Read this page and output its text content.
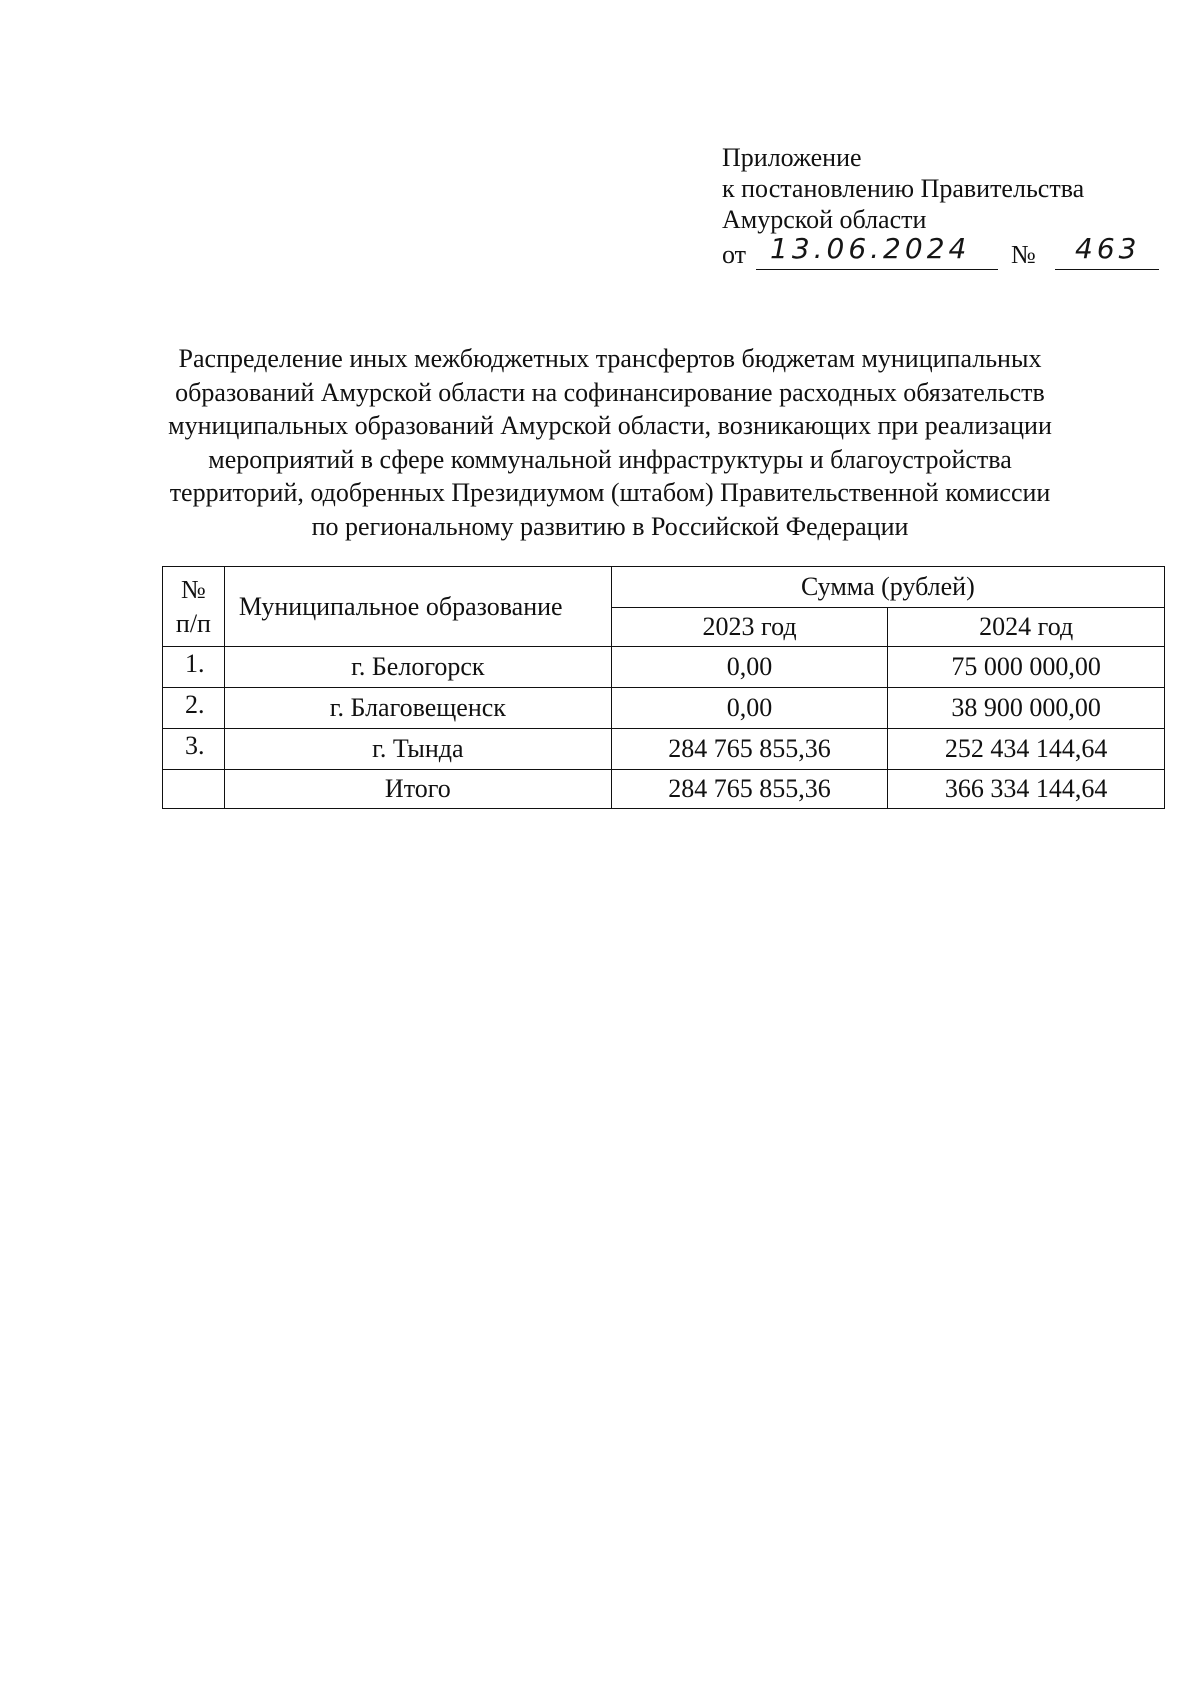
Приложение
к постановлению Правительства
Амурской области
от 13.06.2024 № 463
Распределение иных межбюджетных трансфертов бюджетам муниципальных
образований Амурской области на софинансирование расходных обязательств
муниципальных образований Амурской области, возникающих при реализации
мероприятий в сфере коммунальной инфраструктуры и благоустройства
территорий, одобренных Президиумом (штабом) Правительственной комиссии
по региональному развитию в Российской Федерации
№
п/п	Муниципальное образование	Сумма (рублей)	
		2023 год	2024 год
1.	г. Белогорск	0,00	75 000 000,00
2.	г. Благовещенск	0,00	38 900 000,00
3.	г. Тында	284 765 855,36	252 434 144,64
	Итого	284 765 855,36	366 334 144,64
